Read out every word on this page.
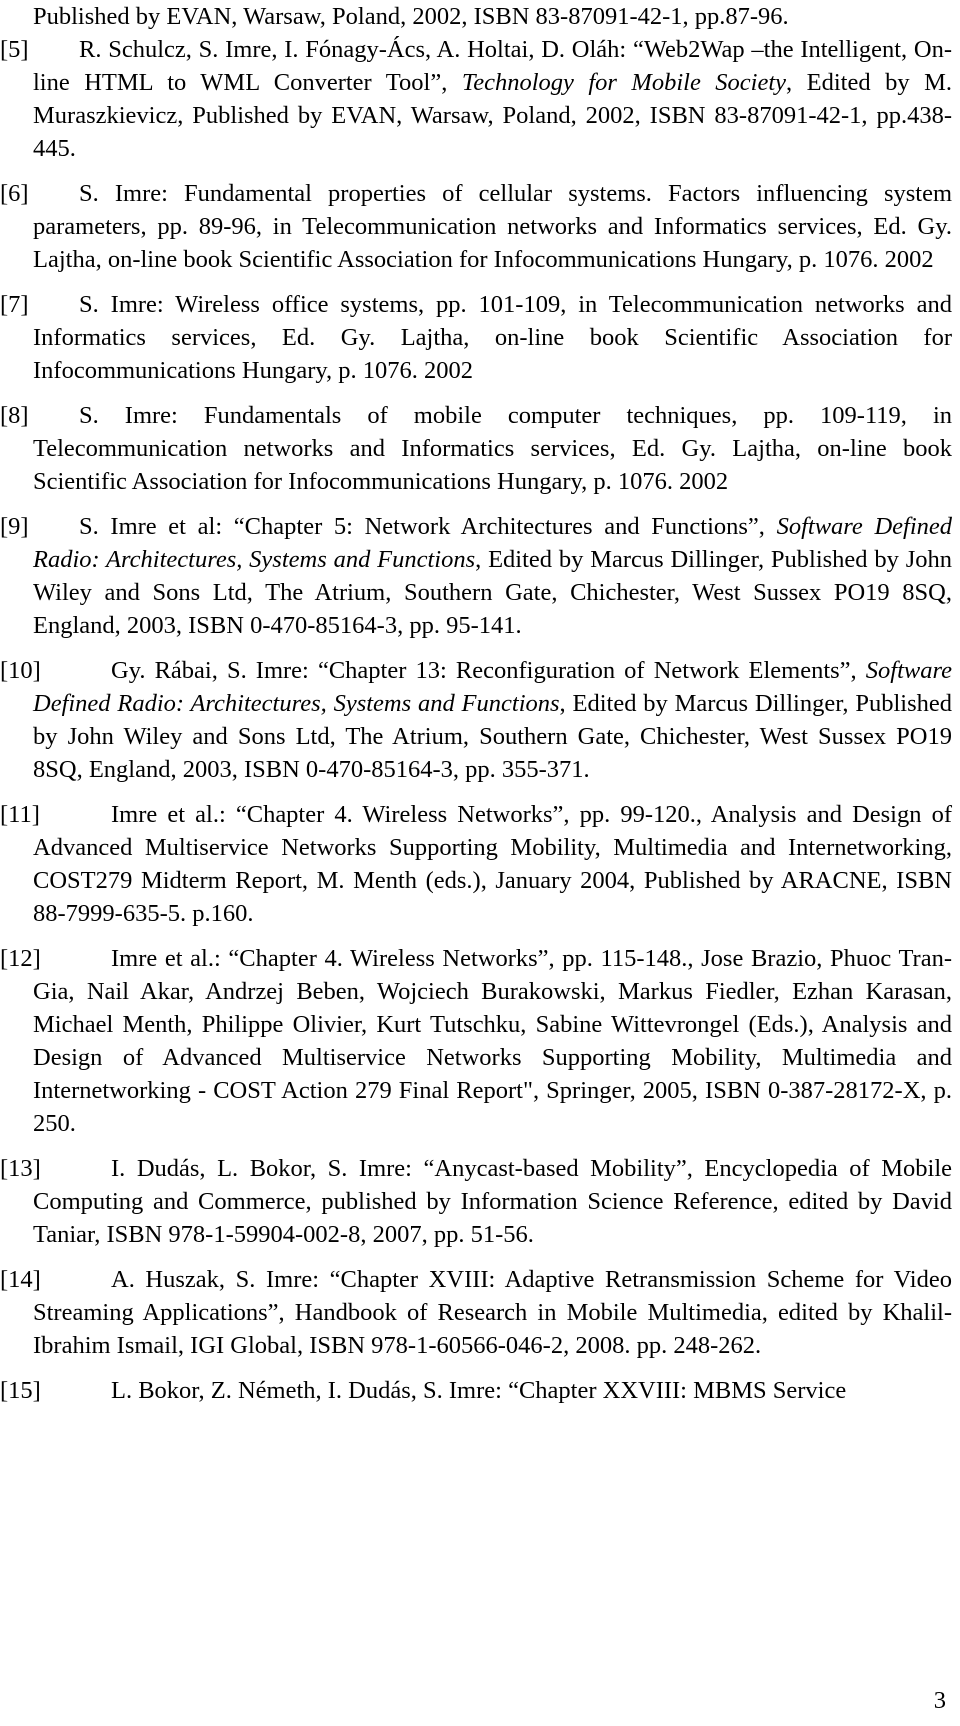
Published by EVAN, Warsaw, Poland, 2002, ISBN 83-87091-42-1, pp.87-96.
[5]	R. Schulcz, S. Imre, I. Fónagy-Ács, A. Holtai, D. Oláh: “Web2Wap –the Intelligent, On-line HTML to WML Converter Tool”, Technology for Mobile Society, Edited by M. Muraszkievicz, Published by EVAN, Warsaw, Poland, 2002, ISBN 83-87091-42-1, pp.438-445.
[6]	S. Imre: Fundamental properties of cellular systems. Factors influencing system parameters, pp. 89-96, in Telecommunication networks and Informatics services, Ed. Gy. Lajtha, on-line book Scientific Association for Infocommunications Hungary, p. 1076. 2002
[7]	S. Imre: Wireless office systems, pp. 101-109, in Telecommunication networks and Informatics services, Ed. Gy. Lajtha, on-line book Scientific Association for Infocommunications Hungary, p. 1076. 2002
[8]	S. Imre: Fundamentals of mobile computer techniques, pp. 109-119, in Telecommunication networks and Informatics services, Ed. Gy. Lajtha, on-line book Scientific Association for Infocommunications Hungary, p. 1076. 2002
[9]	S. Imre et al: “Chapter 5: Network Architectures and Functions”, Software Defined Radio: Architectures, Systems and Functions, Edited by Marcus Dillinger, Published by John Wiley and Sons Ltd, The Atrium, Southern Gate, Chichester, West Sussex PO19 8SQ, England, 2003, ISBN 0-470-85164-3, pp. 95-141.
[10]	Gy. Rábai, S. Imre: “Chapter 13: Reconfiguration of Network Elements”, Software Defined Radio: Architectures, Systems and Functions, Edited by Marcus Dillinger, Published by John Wiley and Sons Ltd, The Atrium, Southern Gate, Chichester, West Sussex PO19 8SQ, England, 2003, ISBN 0-470-85164-3, pp. 355-371.
[11]	Imre et al.: “Chapter 4. Wireless Networks”, pp. 99-120., Analysis and Design of Advanced Multiservice Networks Supporting Mobility, Multimedia and Internetworking, COST279 Midterm Report, M. Menth (eds.), January 2004, Published by ARACNE, ISBN 88-7999-635-5. p.160.
[12]	Imre et al.: “Chapter 4. Wireless Networks”, pp. 115-148., Jose Brazio, Phuoc Tran-Gia, Nail Akar, Andrzej Beben, Wojciech Burakowski, Markus Fiedler, Ezhan Karasan, Michael Menth, Philippe Olivier, Kurt Tutschku, Sabine Wittevrongel (Eds.), Analysis and Design of Advanced Multiservice Networks Supporting Mobility, Multimedia and Internetworking - COST Action 279 Final Report", Springer, 2005, ISBN 0-387-28172-X, p. 250.
[13]	I. Dudás, L. Bokor, S. Imre: “Anycast-based Mobility”, Encyclopedia of Mobile Computing and Commerce, published by Information Science Reference, edited by David Taniar, ISBN 978-1-59904-002-8, 2007, pp. 51-56.
[14]	A. Huszak, S. Imre: “Chapter XVIII: Adaptive Retransmission Scheme for Video Streaming Applications”, Handbook of Research in Mobile Multimedia, edited by Khalil-Ibrahim Ismail, IGI Global, ISBN 978-1-60566-046-2, 2008. pp. 248-262.
[15]	L. Bokor, Z. Németh, I. Dudás, S. Imre: “Chapter XXVIII: MBMS Service
3
